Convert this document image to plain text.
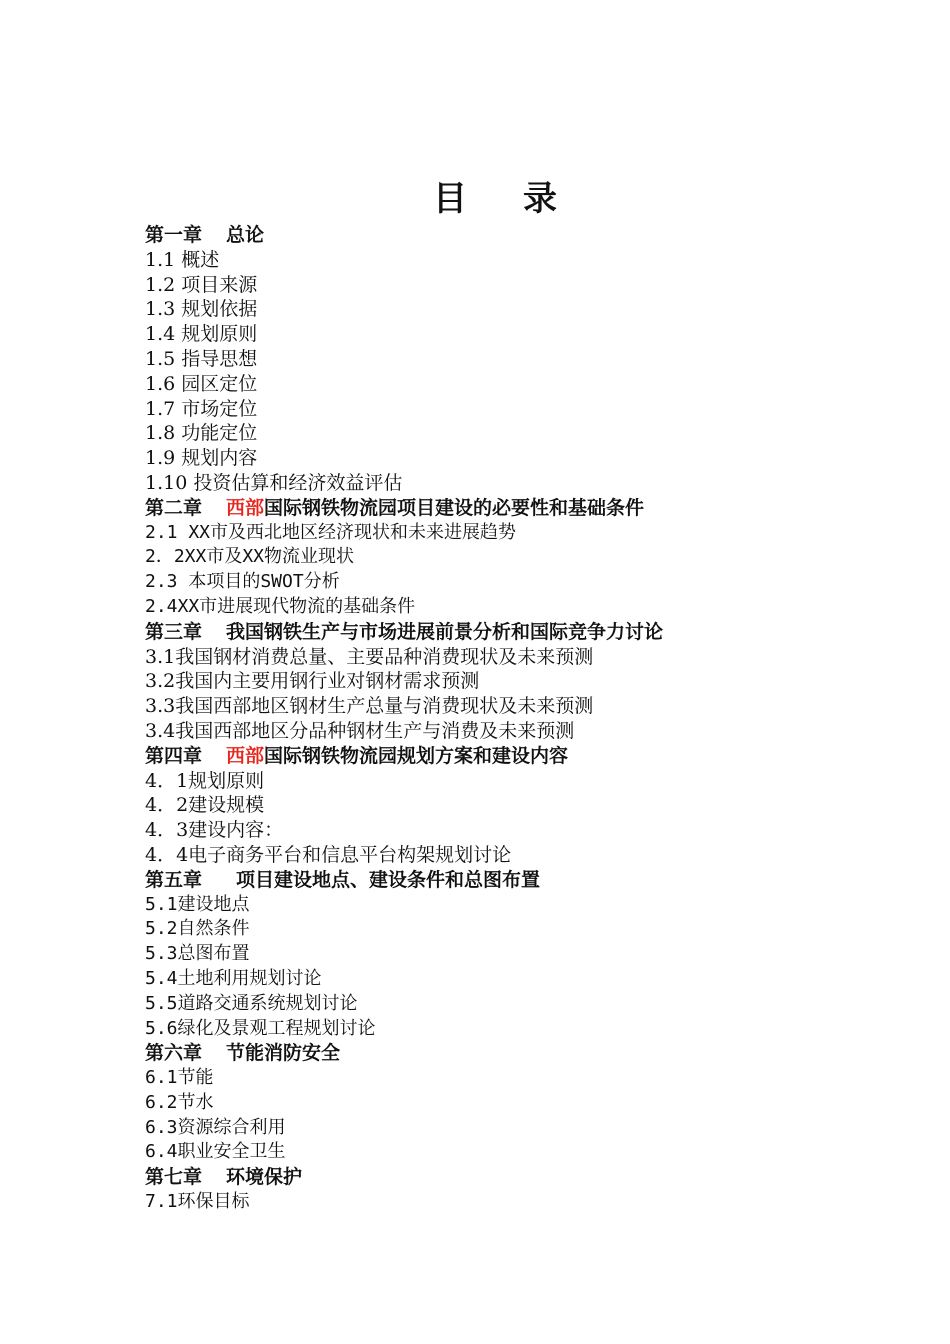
目 录
第一章 总论
1.1 概述
1.2 项目来源
1.3 规划依据
1.4 规划原则
1.5 指导思想
1.6 园区定位
1.7 市场定位
1.8 功能定位
1.9 规划内容
1.10 投资估算和经济效益评估
第二章 西部国际钢铁物流园项目建设的必要性和基础条件
2.1 XX市及西北地区经济现状和未来进展趋势
2．2XX市及XX物流业现状
2.3 本项目的SWOT分析
2.4XX市进展现代物流的基础条件
第三章 我国钢铁生产与市场进展前景分析和国际竞争力讨论
3.1我国钢材消费总量、主要品种消费现状及未来预测
3.2我国内主要用钢行业对钢材需求预测
3.3我国西部地区钢材生产总量与消费现状及未来预测
3.4我国西部地区分品种钢材生产与消费及未来预测
第四章 西部国际钢铁物流园规划方案和建设内容
4．1规划原则
4．2建设规模
4．3建设内容：
4．4电子商务平台和信息平台构架规划讨论
第五章 项目建设地点、建设条件和总图布置
5.1建设地点
5.2自然条件
5.3总图布置
5.4土地利用规划讨论
5.5道路交通系统规划讨论
5.6绿化及景观工程规划讨论
第六章 节能消防安全
6.1节能
6.2节水
6.3资源综合利用
6.4职业安全卫生
第七章 环境保护
7.1环保目标
